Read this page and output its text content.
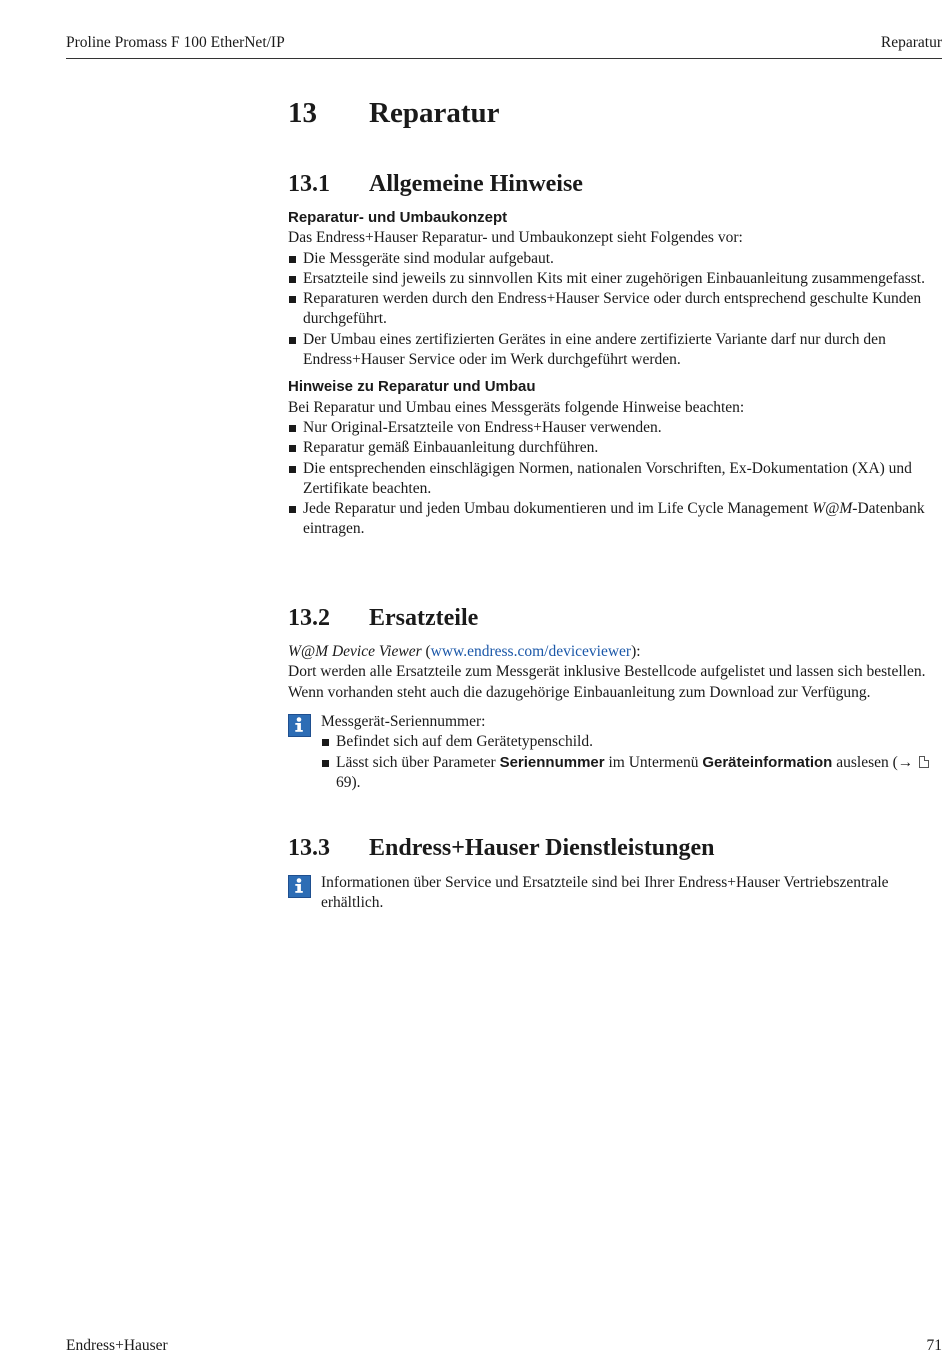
Proline Promass F 100 EtherNet/IP	Reparatur
13 Reparatur
13.1 Allgemeine Hinweise
Reparatur- und Umbaukonzept

Das Endress+Hauser Reparatur- und Umbaukonzept sieht Folgendes vor:

Die Messgeräte sind modular aufgebaut.
Ersatzteile sind jeweils zu sinnvollen Kits mit einer zugehörigen Einbauanleitung zusammengefasst.
Reparaturen werden durch den Endress+Hauser Service oder durch entsprechend geschulte Kunden durchgeführt.
Der Umbau eines zertifizierten Gerätes in eine andere zertifizierte Variante darf nur durch den Endress+Hauser Service oder im Werk durchgeführt werden.
Hinweise zu Reparatur und Umbau

Bei Reparatur und Umbau eines Messgeräts folgende Hinweise beachten:

Nur Original-Ersatzteile von Endress+Hauser verwenden.
Reparatur gemäß Einbauanleitung durchführen.
Die entsprechenden einschlägigen Normen, nationalen Vorschriften, Ex-Dokumentation (XA) und Zertifikate beachten.
Jede Reparatur und jeden Umbau dokumentieren und im Life Cycle Management W@M-Datenbank eintragen.
13.2 Ersatzteile

W@M Device Viewer (www.endress.com/deviceviewer):

Dort werden alle Ersatzteile zum Messgerät inklusive Bestellcode aufgelistet und lassen sich bestellen. Wenn vorhanden steht auch die dazugehörige Einbauanleitung zum Download zur Verfügung.

Messgerät-Seriennummer:
Befindet sich auf dem Gerätetypenschild.
Lässt sich über Parameter Seriennummer im Untermenü Geräteinformation auslesen (→ 69).
13.3 Endress+Hauser Dienstleistungen
Informationen über Service und Ersatzteile sind bei Ihrer Endress+Hauser Vertriebszentrale erhältlich.
Endress+Hauser	71
